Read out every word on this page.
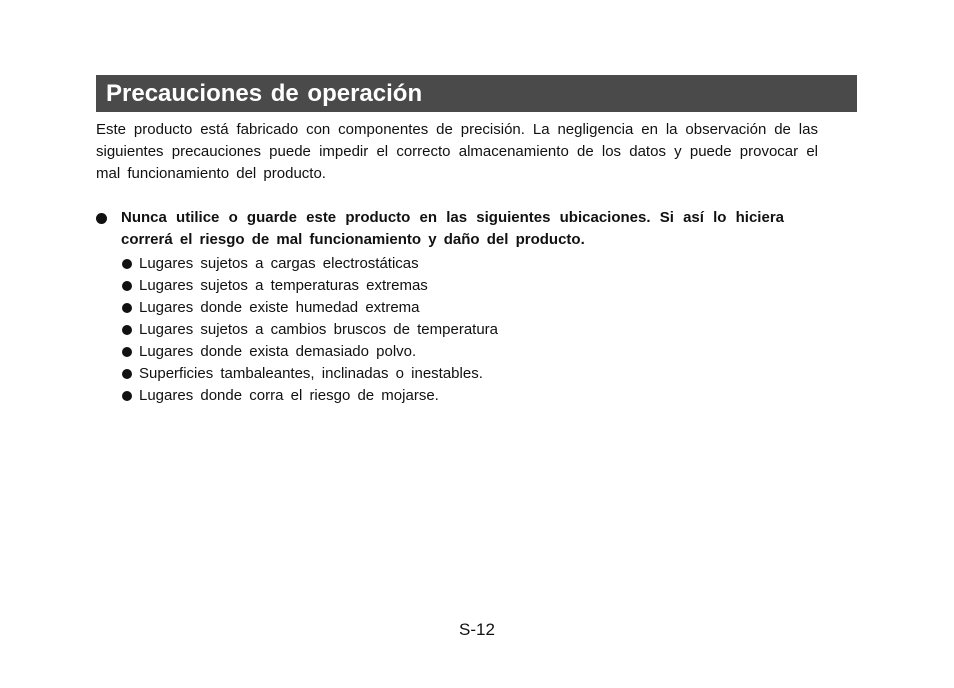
Precauciones de operación

Este producto está fabricado con componentes de precisión. La negligencia en la observación de las siguientes precauciones puede impedir el correcto almacenamiento de los datos y puede provocar el mal funcionamiento del producto.

Nunca utilice o guarde este producto en las siguientes ubicaciones. Si así lo hiciera correrá el riesgo de mal funcionamiento y daño del producto.

Lugares sujetos a cargas electrostáticas
Lugares sujetos a temperaturas extremas
Lugares donde existe humedad extrema
Lugares sujetos a cambios bruscos de temperatura
Lugares donde exista demasiado polvo.
Superficies tambaleantes, inclinadas o inestables.
Lugares donde corra el riesgo de mojarse.
S-12
